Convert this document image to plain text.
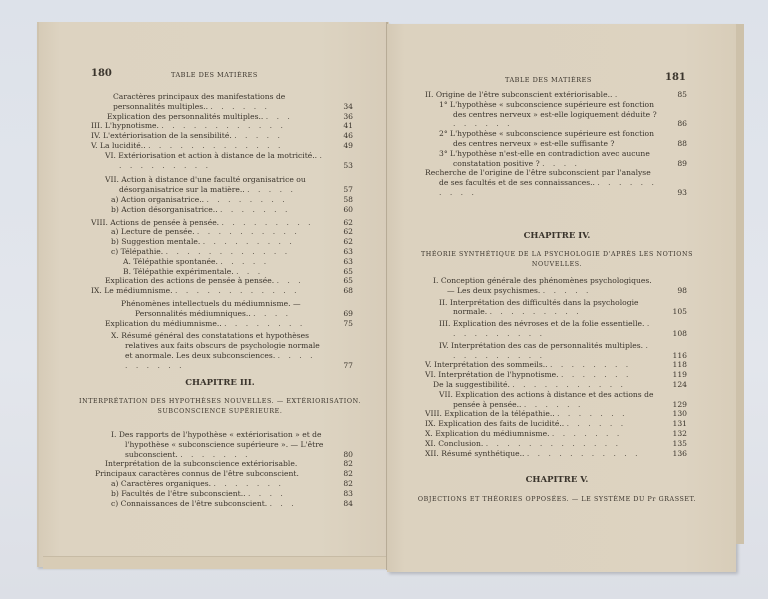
180	TABLE DES MATIÈRES
Caractères principaux des manifestations de personnalités multiples.. . . . . . .	34
Explication des personnalités multiples.. . . .	36
III. L'hypnotisme. . . . . . . . . . . . .	41
IV. L'extériorisation de la sensibilité. . . . . .	46
V. La lucidité.. . . . . . . . . . . . . .	49
VI. Extériorisation et action à distance de la motricité.. . . . . . . . . . .	53
VII. Action à distance d'une faculté organisatrice ou désorganisatrice sur la matière.. . . . . .	57
a) Action organisatrice.. . . . . . . . .	58
b) Action désorganisatrice.. . . . . . . .	60
VIII. Actions de pensée à pensée. . . . . . . . . .	62
a) Lecture de pensée. . . . . . . . . . .	62
b) Suggestion mentale. . . . . . . . . .	62
c) Télépathie. . . . . . . . . . . . .	63
A. Télépathie spontanée. . . . . .	63
B. Télépathie expérimentale. . . .	65
Explication des actions de pensée à pensée. . . .	65
IX. Le médiumnisme. . . . . . . . . . . . .	68
Phénomènes intellectuels du médiumnisme. — Personnalités médiumniques.. . . . .	69
Explication du médiumnisme.. . . . . . . . .	75
X. Résumé général des constatations et hypothèses relatives aux faits obscurs de psychologie normale et anormale. Les deux subconsciences. . . . . . . . . . .	77
CHAPITRE III.
INTERPRÉTATION DES HYPOTHÈSES NOUVELLES. — EXTÉRIORISATION. SUBCONSCIENCE SUPÉRIEURE.
I. Des rapports de l'hypothèse « extériorisation » et de l'hypothèse « subconscience supérieure ». — L'être subconscient. . . . . . . .	80
Interprétation de la subconscience extériorisable.	82
Principaux caractères connus de l'être subconscient.	82
a) Caractères organiques. . . . . . . .	82
b) Facultés de l'être subconscient.. . . . .	83
c) Connaissances de l'être subconscient. . . .	84
TABLE DES MATIÈRES	181
II. Origine de l'être subconscient extériorisable.. .	85
1° L'hypothèse « subconscience supérieure est fonction des centres nerveux » est-elle logiquement déduite ? . . . . . .	86
2° L'hypothèse « subconscience supérieure est fonction des centres nerveux » est-elle suffisante ?	88
3° L'hypothèse n'est-elle en contradiction avec aucune constatation positive ? . . . .	89
Recherche de l'origine de l'être subconscient par l'analyse de ses facultés et de ses connaissances.. . . . . . . . . . .	93
CHAPITRE IV.
THÉORIE SYNTHÉTIQUE DE LA PSYCHOLOGIE D'APRÈS LES NOTIONS NOUVELLES.
I. Conception générale des phénomènes psychologiques. — Les deux psychismes. . . . . .	98
II. Interprétation des difficultés dans la psychologie normale. . . . . . . . . .	105
III. Explication des névroses et de la folie essentielle. . . . . . . . . . .	108
IV. Interprétation des cas de personnalités multiples. . . . . . . . . . .	116
V. Interprétation des sommeils.. . . . . . . . .	118
VI. Interprétation de l'hypnotisme. . . . . . . .	119
De la suggestibilité. . . . . . . . . . . .	124
VII. Explication des actions à distance et des actions de pensée à pensée.. . . . . . .	129
VIII. Explication de la télépathie.. . . . . . . .	130
IX. Explication des faits de lucidité.. . . . . . .	131
X. Explication du médiumnisme. . . . . . . .	132
XI. Conclusion. . . . . . . . . . . . . .	135
XII. Résumé synthétique.. . . . . . . . . . . .	136
CHAPITRE V.
OBJECTIONS ET THÉORIES OPPOSÉES. — LE SYSTÈME DU Pr GRASSET.
